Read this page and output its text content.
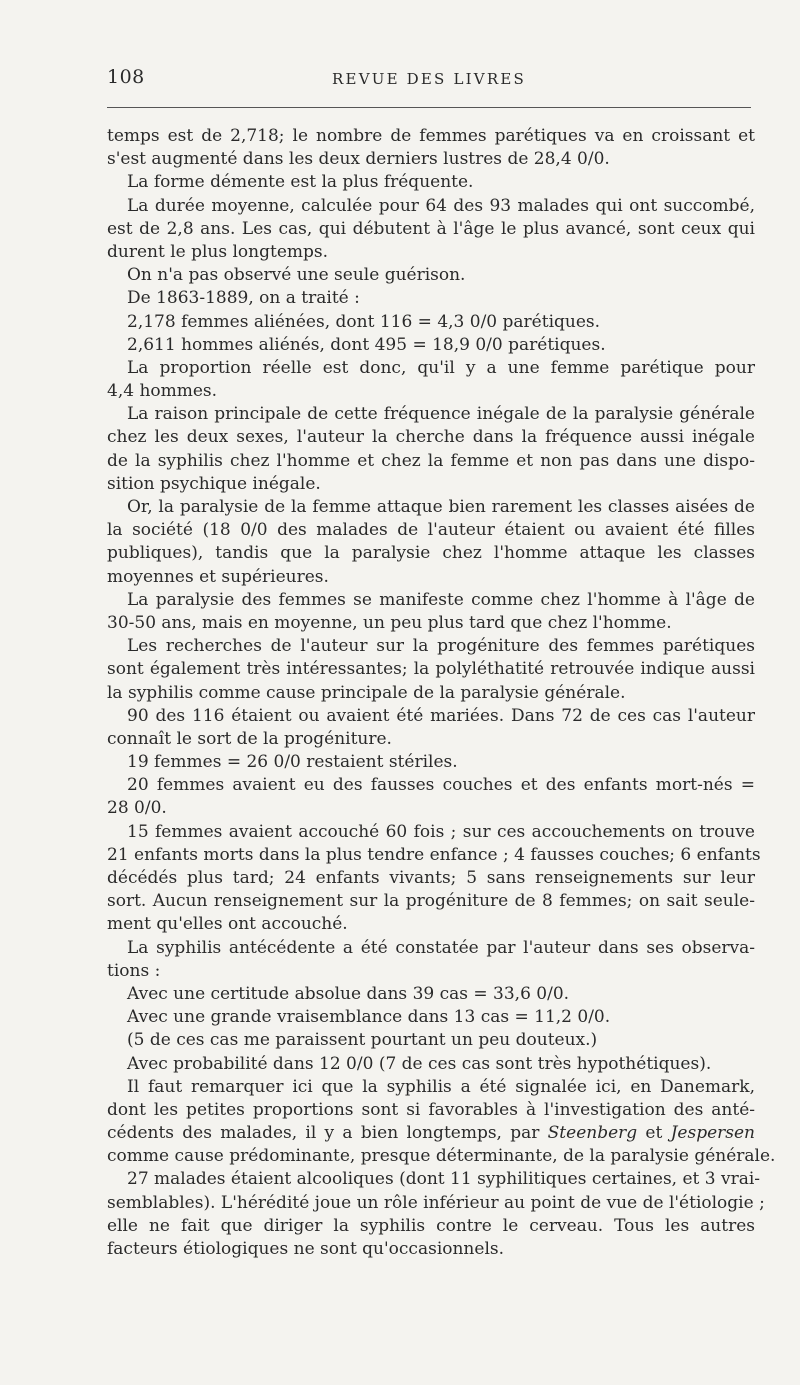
108	REVUE DES LIVRES
temps est de 2,718; le nombre de femmes parétiques va en croissant et
s'est augmenté dans les deux derniers lustres de 28,4 0/0.
La forme démente est la plus fréquente.
La durée moyenne, calculée pour 64 des 93 malades qui ont succombé,
est de 2,8 ans. Les cas, qui débutent à l'âge le plus avancé, sont ceux qui
durent le plus longtemps.
On n'a pas observé une seule guérison.
De 1863-1889, on a traité :
2,178 femmes aliénées, dont 116 = 4,3 0/0 parétiques.
2,611 hommes aliénés, dont 495 = 18,9 0/0 parétiques.
La proportion réelle est donc, qu'il y a une femme parétique pour
4,4 hommes.
La raison principale de cette fréquence inégale de la paralysie générale
chez les deux sexes, l'auteur la cherche dans la fréquence aussi inégale
de la syphilis chez l'homme et chez la femme et non pas dans une dispo-
sition psychique inégale.
Or, la paralysie de la femme attaque bien rarement les classes aisées de
la société (18 0/0 des malades de l'auteur étaient ou avaient été filles
publiques), tandis que la paralysie chez l'homme attaque les classes
moyennes et supérieures.
La paralysie des femmes se manifeste comme chez l'homme à l'âge de
30-50 ans, mais en moyenne, un peu plus tard que chez l'homme.
Les recherches de l'auteur sur la progéniture des femmes parétiques
sont également très intéressantes; la polyléthatité retrouvée indique aussi
la syphilis comme cause principale de la paralysie générale.
90 des 116 étaient ou avaient été mariées. Dans 72 de ces cas l'auteur
connaît le sort de la progéniture.
19 femmes = 26 0/0 restaient stériles.
20 femmes avaient eu des fausses couches et des enfants mort-nés =
28 0/0.
15 femmes avaient accouché 60 fois ; sur ces accouchements on trouve
21 enfants morts dans la plus tendre enfance ; 4 fausses couches; 6 enfants
décédés plus tard; 24 enfants vivants; 5 sans renseignements sur leur
sort. Aucun renseignement sur la progéniture de 8 femmes; on sait seule-
ment qu'elles ont accouché.
La syphilis antécédente a été constatée par l'auteur dans ses observa-
tions :
Avec une certitude absolue dans 39 cas = 33,6 0/0.
Avec une grande vraisemblance dans 13 cas = 11,2 0/0.
(5 de ces cas me paraissent pourtant un peu douteux.)
Avec probabilité dans 12 0/0 (7 de ces cas sont très hypothétiques).
Il faut remarquer ici que la syphilis a été signalée ici, en Danemark,
dont les petites proportions sont si favorables à l'investigation des anté-
cédents des malades, il y a bien longtemps, par Steenberg et Jespersen
comme cause prédominante, presque déterminante, de la paralysie générale.
27 malades étaient alcooliques (dont 11 syphilitiques certaines, et 3 vrai-
semblables). L'hérédité joue un rôle inférieur au point de vue de l'étiologie ;
elle ne fait que diriger la syphilis contre le cerveau. Tous les autres
facteurs étiologiques ne sont qu'occasionnels.
